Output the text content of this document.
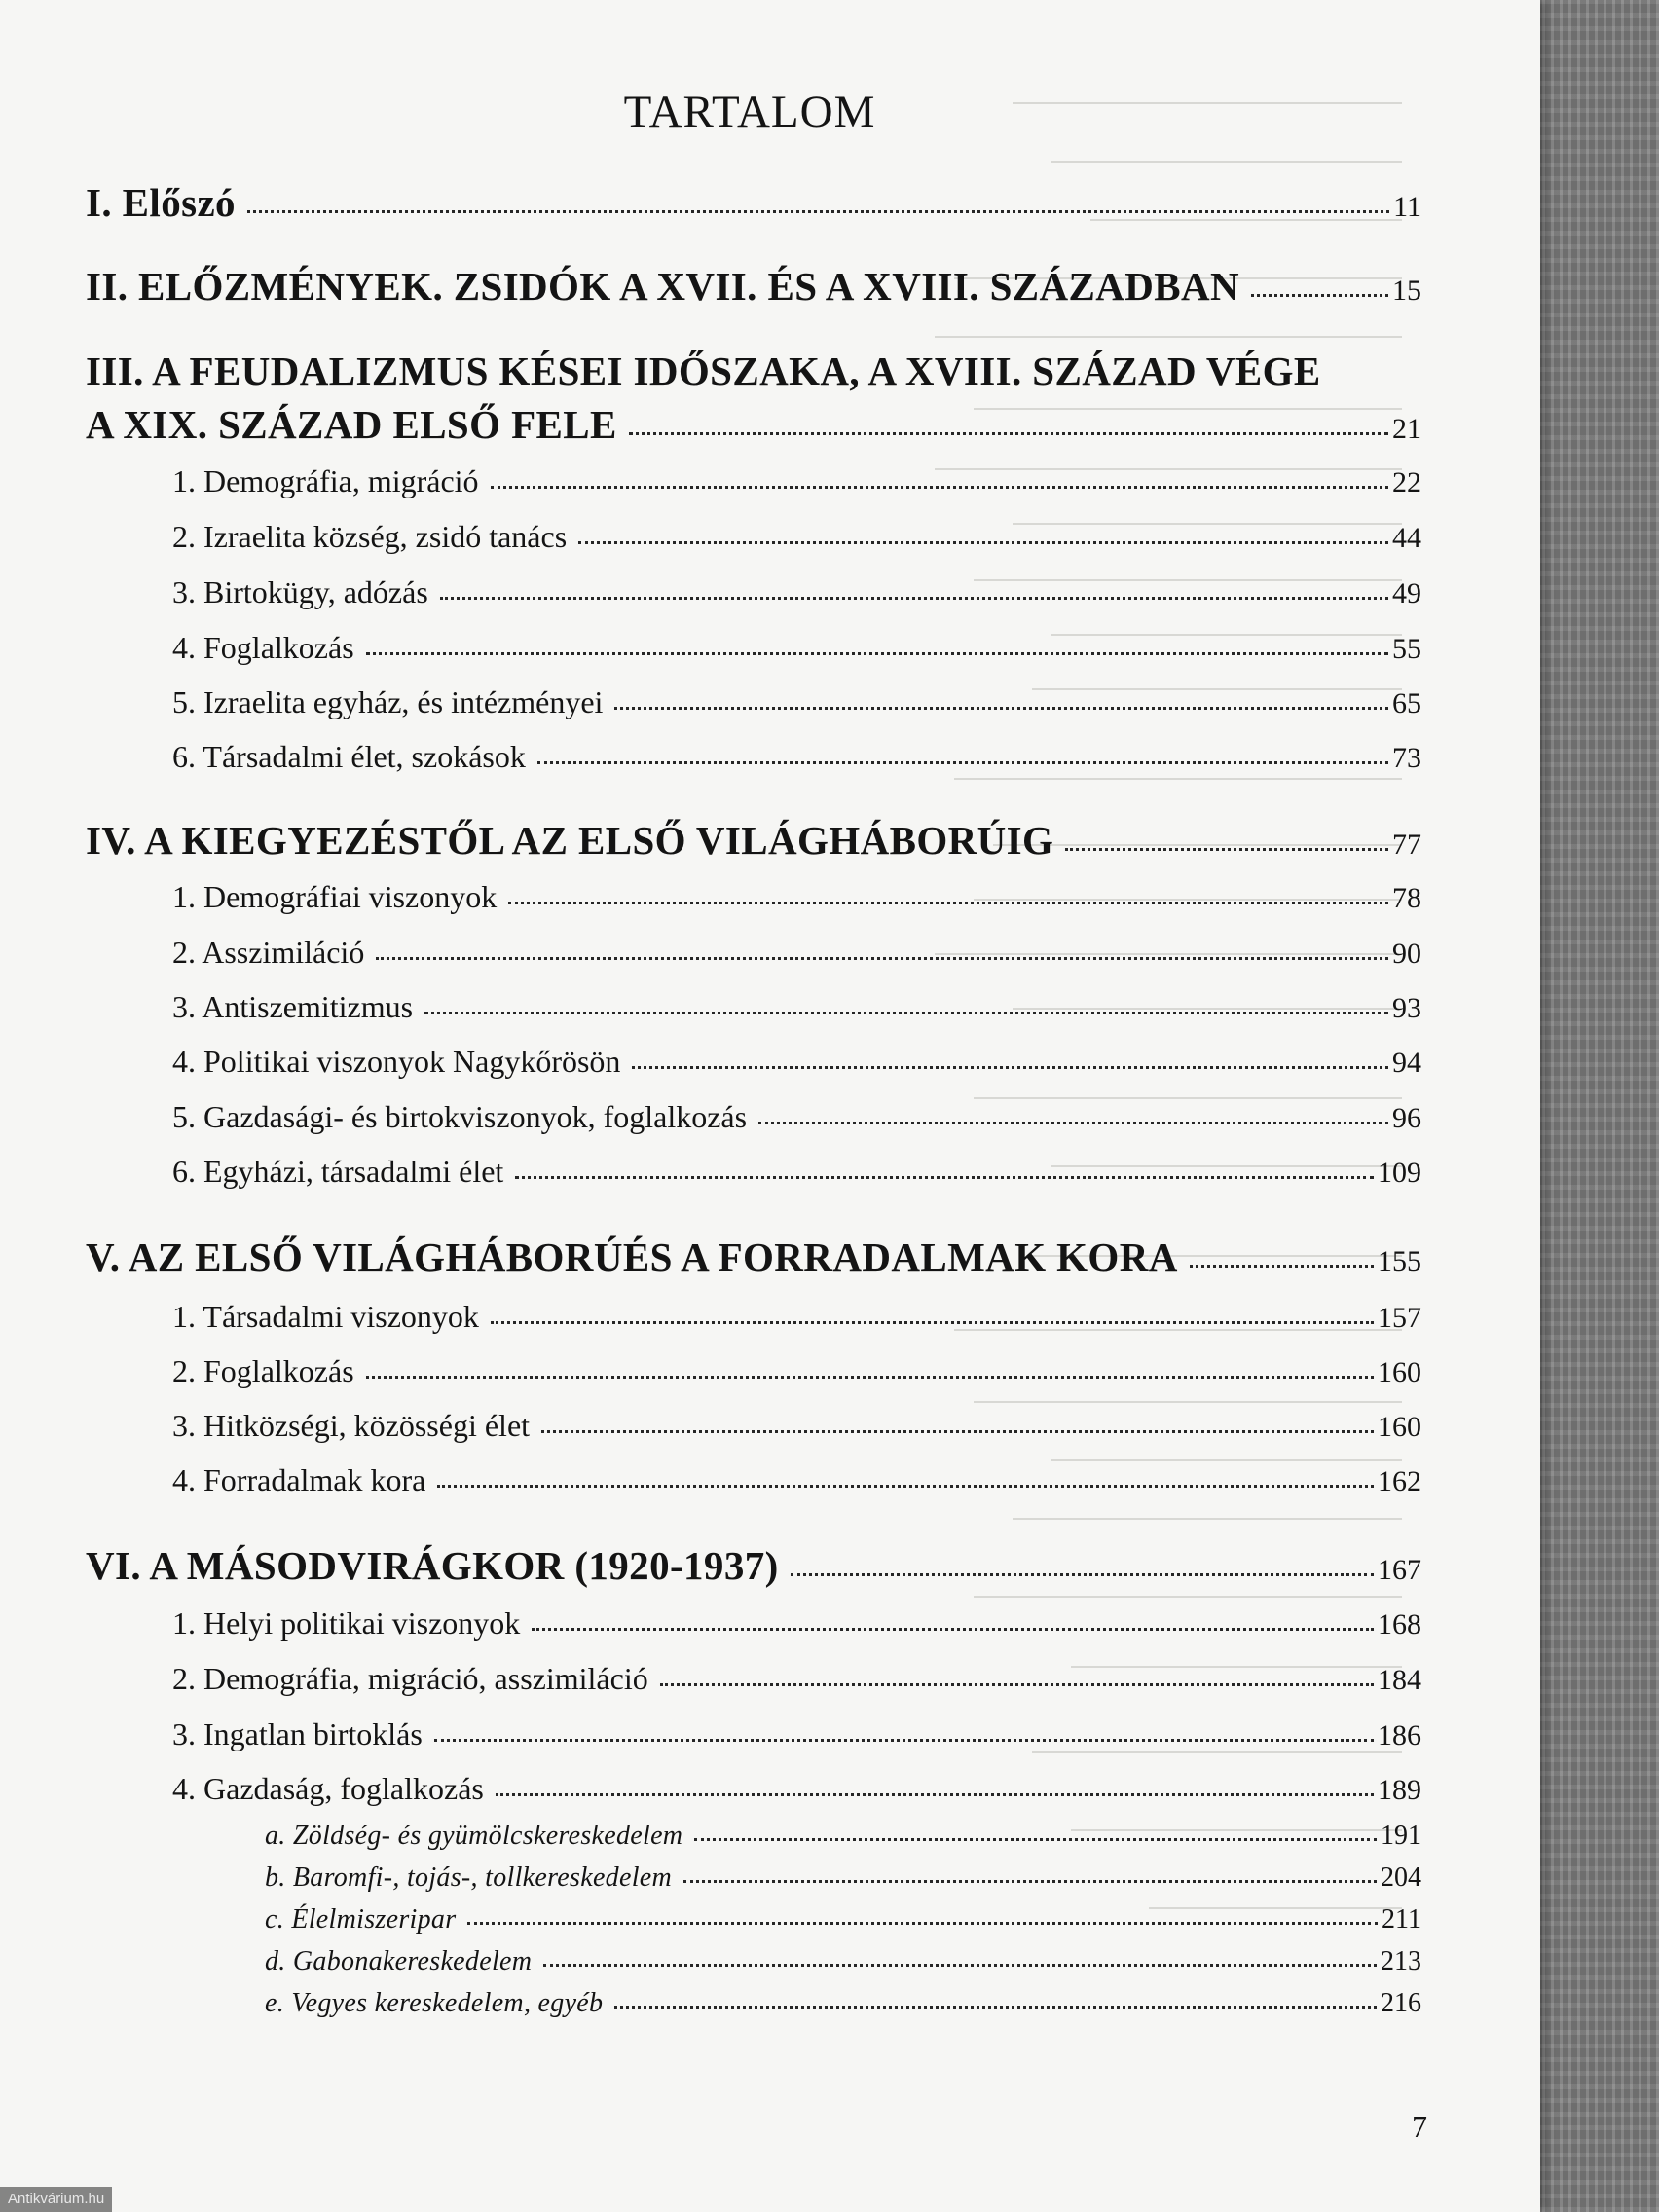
TARTALOM
I. Előszó	11
II. ELŐZMÉNYEK. ZSIDÓK A XVII. ÉS A XVIII. SZÁZADBAN	15
III. A FEUDALIZMUS KÉSEI IDŐSZAKA, A XVIII. SZÁZAD VÉGE
A XIX. SZÁZAD ELSŐ FELE	21
1. Demográfia, migráció	22
2. Izraelita község, zsidó tanács	44
3. Birtokügy, adózás	49
4. Foglalkozás	55
5. Izraelita egyház, és intézményei	65
6. Társadalmi élet, szokások	73
IV. A KIEGYEZÉSTŐL AZ ELSŐ VILÁGHÁBORÚIG	77
1. Demográfiai viszonyok	78
2. Asszimiláció	90
3. Antiszemitizmus	93
4. Politikai viszonyok Nagykőrösön	94
5. Gazdasági- és birtokviszonyok, foglalkozás	96
6. Egyházi, társadalmi élet	109
V. AZ ELSŐ VILÁGHÁBORÚÉS A FORRADALMAK KORA	155
1. Társadalmi viszonyok	157
2. Foglalkozás	160
3. Hitközségi, közösségi élet	160
4. Forradalmak kora	162
VI. A MÁSODVIRÁGKOR (1920-1937)	167
1. Helyi politikai viszonyok	168
2. Demográfia, migráció, asszimiláció	184
3. Ingatlan birtoklás	186
4. Gazdaság, foglalkozás	189
a. Zöldség- és gyümölcskereskedelem	191
b. Baromfi-, tojás-, tollkereskedelem	204
c. Élelmiszeripar	211
d. Gabonakereskedelem	213
e. Vegyes kereskedelem, egyéb	216
7
Antikvárium.hu
